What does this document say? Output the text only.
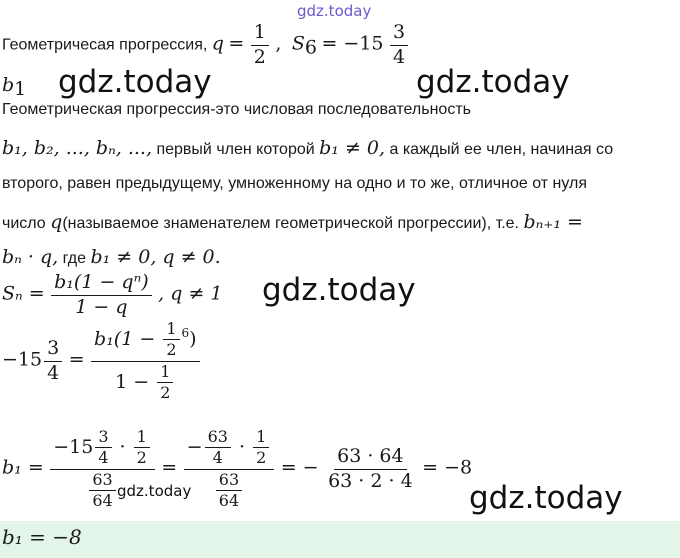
gdz.today
gdz.today	gdz.today
gdz.today
gdz.today	gdz.today
Геометричесая прогрессия, $q = \frac{1}{2}$ ,  $S_6 = -15 \frac{3}{4}$
$b_1$
Геометрическая прогрессия-это числовая последовательность
b₁, b₂, ..., bₙ, ..., первый член которой b₁ ≠ 0, а каждый ее член, начиная со
второго, равен предыдущему, умноженному на одно и то же, отличное от нуля
число q(называемое знаменателем геометрической прогрессии), т.е. bₙ₊₁ =
bₙ · q, где b₁ ≠ 0, q ≠ 0.
$S_n = \frac{\text{b₁(1 − qⁿ)}}{1 - q}$ , q ≠ 1
$-15 \frac{3}{4} = \frac{b_1(1 - \frac{1}{2} ^6)}{1 - \frac{1}{2}}$
b₁ =
$-15 \frac{3}{4} \cdot \frac{1}{2}$
$\frac{63}{64}$
=
− $\frac{63}{4} \cdot \frac{1}{2}$
$\frac{63}{64}$
= − $\frac{63 \cdot 64}{63 \cdot 2 \cdot 4} = -8$
b₁ = −8
